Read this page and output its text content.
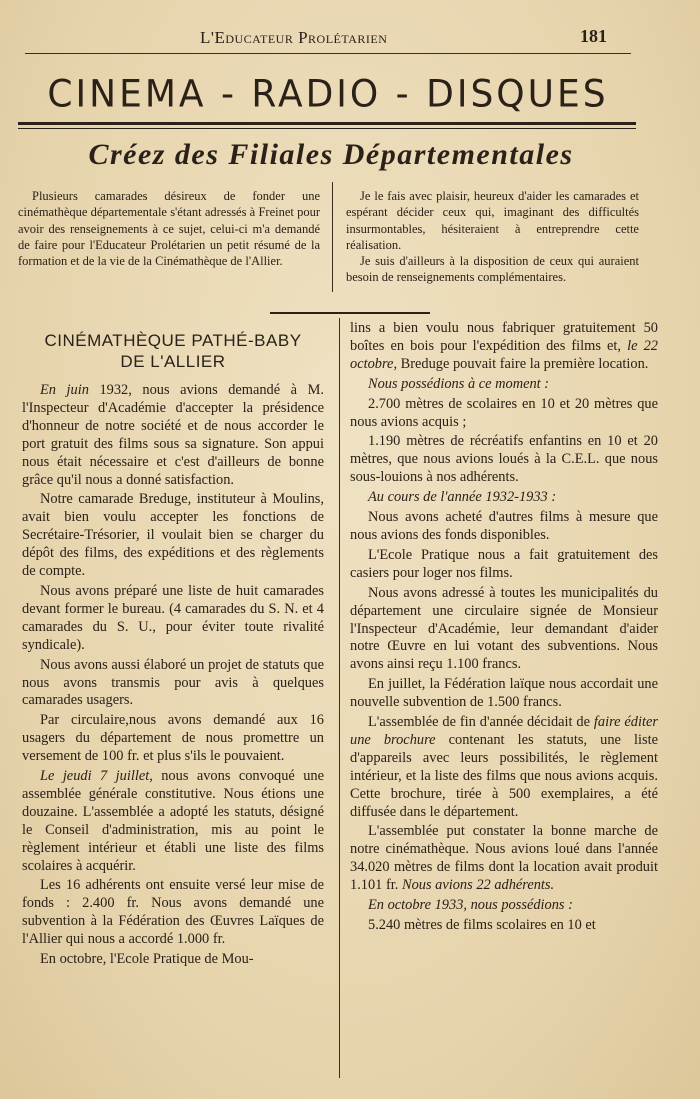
L'Educateur Prolétarien	181
CINEMA - RADIO - DISQUES
Créez des Filiales Départementales

Plusieurs camarades désireux de fonder une cinémathèque départementale s'étant adressés à Freinet pour avoir des renseignements à ce sujet, celui-ci m'a demandé de faire pour l'Educateur Prolétarien un petit résumé de la formation et de la vie de la Cinémathèque de l'Allier.

Je le fais avec plaisir, heureux d'aider les camarades et espérant décider ceux qui, imaginant des difficultés insurmontables, hésiteraient à entreprendre cette réalisation.

Je suis d'ailleurs à la disposition de ceux qui auraient besoin de renseignements complémentaires.

CINÉMATHÈQUE PATHÉ-BABY
DE L'ALLIER

En juin 1932, nous avions demandé à M. l'Inspecteur d'Académie d'accepter la présidence d'honneur de notre société et de nous accorder le port gratuit des films sous sa signature. Son appui nous était nécessaire et c'est d'ailleurs de bonne grâce qu'il nous a donné satisfaction.

Notre camarade Breduge, instituteur à Moulins, avait bien voulu accepter les fonctions de Secrétaire-Trésorier, il voulait bien se charger du dépôt des films, des expéditions et des règlements de compte.

Nous avons préparé une liste de huit camarades devant former le bureau. (4 camarades du S. N. et 4 camarades du S. U., pour éviter toute rivalité syndicale).

Nous avons aussi élaboré un projet de statuts que nous avons transmis pour avis à quelques camarades usagers.

Par circulaire,nous avons demandé aux 16 usagers du département de nous promettre un versement de 100 fr. et plus s'ils le pouvaient.

Le jeudi 7 juillet, nous avons convoqué une assemblée générale constitutive. Nous étions une douzaine. L'assemblée a adopté les statuts, désigné le Conseil d'administration, mis au point le règlement intérieur et établi une liste des films scolaires à acquérir.

Les 16 adhérents ont ensuite versé leur mise de fonds : 2.400 fr. Nous avons demandé une subvention à la Fédération des Œuvres Laïques de l'Allier qui nous a accordé 1.000 fr.

En octobre, l'Ecole Pratique de Mou-

lins a bien voulu nous fabriquer gratuitement 50 boîtes en bois pour l'expédition des films et, le 22 octobre, Breduge pouvait faire la première location.

Nous possédions à ce moment :

2.700 mètres de scolaires en 10 et 20 mètres que nous avions acquis ;

1.190 mètres de récréatifs enfantins en 10 et 20 mètres, que nous avions loués à la C.E.L. que nous sous-louions à nos adhérents.

Au cours de l'année 1932-1933 :

Nous avons acheté d'autres films à mesure que nous avions des fonds disponibles.

L'Ecole Pratique nous a fait gratuitement des casiers pour loger nos films.

Nous avons adressé à toutes les municipalités du département une circulaire signée de Monsieur l'Inspecteur d'Académie, leur demandant d'aider notre Œuvre en lui votant des subventions. Nous avons ainsi reçu 1.100 francs.

En juillet, la Fédération laïque nous accordait une nouvelle subvention de 1.500 francs.

L'assemblée de fin d'année décidait de faire éditer une brochure contenant les statuts, une liste d'appareils avec leurs possibilités, le règlement intérieur, et la liste des films que nous avions acquis. Cette brochure, tirée à 500 exemplaires, a été diffusée dans le département.

L'assemblée put constater la bonne marche de notre cinémathèque. Nous avions loué dans l'année 34.020 mètres de films dont la location avait produit 1.101 fr. Nous avions 22 adhérents.

En octobre 1933, nous possédions :

5.240 mètres de films scolaires en 10 et
